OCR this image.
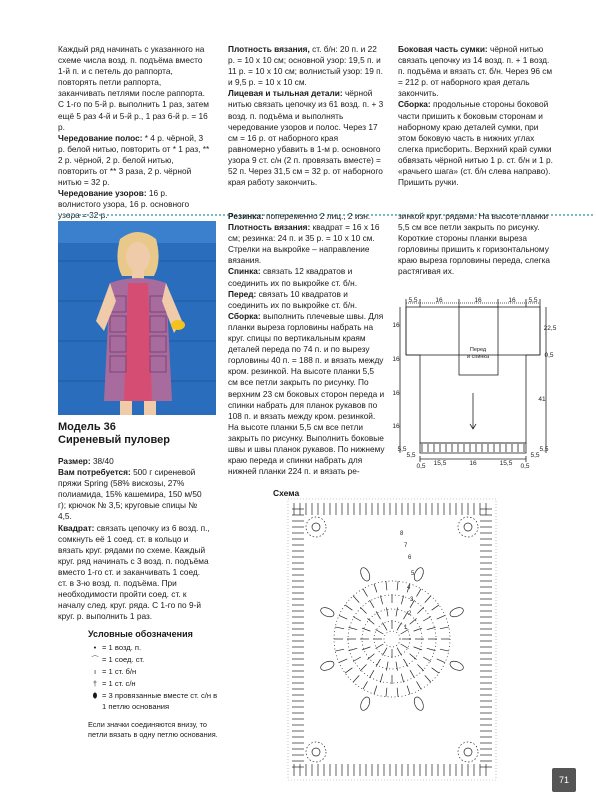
Каждый ряд начинать с указанного на схеме числа возд. п. подъёма вместо 1-й п. и с петель до раппорта, повторять петли раппорта, заканчивать петлями после раппорта. С 1-го по 5-й р. выполнить 1 раз, затем ещё 5 раз 4-й и 5-й р., 1 раз 6-й р. = 16 р.

Чередование полос: * 4 р. чёрной, 3 р. белой нитью, повторить от * 1 раз, ** 2 р. чёрной, 2 р. белой нитью, повторить от ** 3 раза, 2 р. чёрной нитью = 32 р.

Чередование узоров: 16 р. волнистого узора, 16 р. основного узора = 32 р.

Плотность вязания, ст. б/н: 20 п. и 22 р. = 10 х 10 см; основной узор: 19,5 п. и 11 р. = 10 х 10 см; волнистый узор: 19 п. и 9,5 р. = 10 х 10 см.

Лицевая и тыльная детали: чёрной нитью связать цепочку из 61 возд. п. + 3 возд. п. подъёма и выполнять чередование узоров и полос. Через 17 см = 16 р. от наборного края равномерно убавить в 1-м р. основного узора 9 ст. с/н (2 п. провязать вместе) = 52 п. Через 31,5 см = 32 р. от наборного края работу закончить.

Боковая часть сумки: чёрной нитью связать цепочку из 14 возд. п. + 1 возд. п. подъёма и вязать ст. б/н. Через 96 см = 212 р. от наборного края деталь закончить.

Сборка: продольные стороны боковой части пришить к боковым сторонам и наборному краю деталей сумки, при этом боковую часть в нижних углах слегка присборить. Верхний край сумки обвязать чёрной нитью 1 р. ст. б/н и 1 р. «рачьего шага» (ст. б/н слева направо). Пришить ручки.

Модель 36
Сиреневый пуловер

Размер: 38/40

Вам потребуется: 500 г сиреневой пряжи Spring (58% вискозы, 27% полиамида, 15% кашемира, 150 м/50 г); крючок № 3,5; круговые спицы № 4,5.

Квадрат: связать цепочку из 6 возд. п., сомкнуть её 1 соед. ст. в кольцо и вязать круг. рядами по схеме. Каждый круг. ряд начинать с 3 возд. п. подъёма вместо 1-го ст. и заканчивать 1 соед. ст. в 3-ю возд. п. подъёма. При необходимости пройти соед. ст. к началу след. круг. ряда. С 1-го по 9-й круг. р. выполнить 1 раз.

Резинка: попеременно 2 лиц., 2 изн.

Плотность вязания: квадрат = 16 х 16 см; резинка: 24 п. и 35 р. = 10 х 10 см. Стрелки на выкройке – направление вязания.

Спинка: связать 12 квадратов и соединить их по выкройке ст. б/н.

Перед: связать 10 квадратов и соединить их по выкройке ст. б/н.

Сборка: выполнить плечевые швы. Для планки выреза горловины набрать на круг. спицы по вертикальным краям деталей переда по 74 п. и по вырезу горловины 40 п. = 188 п. и вязать между кром. резинкой. На высоте планки 5,5 см все петли закрыть по рисунку. По верхним 23 см боковых сторон переда и спинки набрать для планок рукавов по 108 п. и вязать между кром. резинкой. На высоте планки 5,5 см все петли закрыть по рисунку. Выполнить боковые швы и швы планок рукавов. По нижнему краю переда и спинки набрать для нижней планки 224 п. и вязать ре-

зинкой круг. рядами. На высоте планки 5,5 см все петли закрыть по рисунку. Короткие стороны планки выреза горловины пришить к горизонтальному краю выреза горловины переда, слегка растягивая их.

5,5	16	16	16 5,5
16
16
16
16
5,5
22,5
0,5
41
5,5
5,5	5,5
0,5 15,5	16	15,5 0,5
Перед
и спинка
Схема
1
2
3
4
5
6
7
8
Условные обозначения
• = 1 возд. п.
⌒ = 1 соед. ст.
ı = 1 ст. б/н
† = 1 ст. с/н
⬮ = 3 провязанные вместе ст. с/н в 1 петлю основания
Если значки соединяются внизу, то петли вязать в одну петлю основания.
71
